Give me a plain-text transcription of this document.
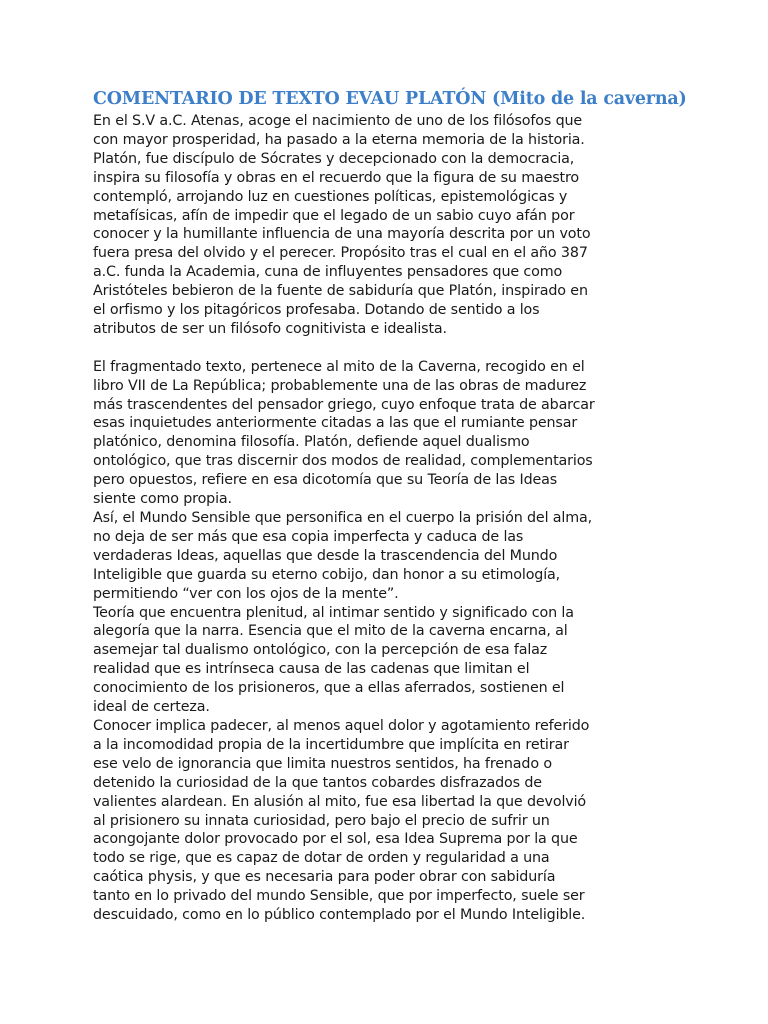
COMENTARIO DE TEXTO EVAU PLATÓN (Mito de la caverna)

En el S.V a.C. Atenas, acoge el nacimiento de uno de los filósofos que
con mayor prosperidad, ha pasado a la eterna memoria de la historia.
Platón, fue discípulo de Sócrates y decepcionado con la democracia,
inspira su filosofía y obras en el recuerdo que la figura de su maestro
contempló, arrojando luz en cuestiones políticas, epistemológicas y
metafísicas, afín de impedir que el legado de un sabio cuyo afán por
conocer y la humillante influencia de una mayoría descrita por un voto
fuera presa del olvido y el perecer. Propósito tras el cual en el año 387
a.C. funda la Academia, cuna de influyentes pensadores que como
Aristóteles bebieron de la fuente de sabiduría que Platón, inspirado en
el orfismo y los pitagóricos profesaba. Dotando de sentido a los
atributos de ser un filósofo cognitivista e idealista.

El fragmentado texto, pertenece al mito de la Caverna, recogido en el
libro VII de La República; probablemente una de las obras de madurez
más trascendentes del pensador griego, cuyo enfoque trata de abarcar
esas inquietudes anteriormente citadas a las que el rumiante pensar
platónico, denomina filosofía. Platón, defiende aquel dualismo
ontológico, que tras discernir dos modos de realidad, complementarios
pero opuestos, refiere en esa dicotomía que su Teoría de las Ideas
siente como propia.

Así, el Mundo Sensible que personifica en el cuerpo la prisión del alma,
no deja de ser más que esa copia imperfecta y caduca de las
verdaderas Ideas, aquellas que desde la trascendencia del Mundo
Inteligible que guarda su eterno cobijo, dan honor a su etimología,
permitiendo “ver con los ojos de la mente”.

Teoría que encuentra plenitud, al intimar sentido y significado con la
alegoría que la narra. Esencia que el mito de la caverna encarna, al
asemejar tal dualismo ontológico, con la percepción de esa falaz
realidad que es intrínseca causa de las cadenas que limitan el
conocimiento de los prisioneros, que a ellas aferrados, sostienen el
ideal de certeza.

Conocer implica padecer, al menos aquel dolor y agotamiento referido
a la incomodidad propia de la incertidumbre que implícita en retirar
ese velo de ignorancia que limita nuestros sentidos, ha frenado o
detenido la curiosidad de la que tantos cobardes disfrazados de
valientes alardean. En alusión al mito, fue esa libertad la que devolvió
al prisionero su innata curiosidad, pero bajo el precio de sufrir un
acongojante dolor provocado por el sol, esa Idea Suprema por la que
todo se rige, que es capaz de dotar de orden y regularidad a una
caótica physis, y que es necesaria para poder obrar con sabiduría
tanto en lo privado del mundo Sensible, que por imperfecto, suele ser
descuidado, como en lo público contemplado por el Mundo Inteligible.
